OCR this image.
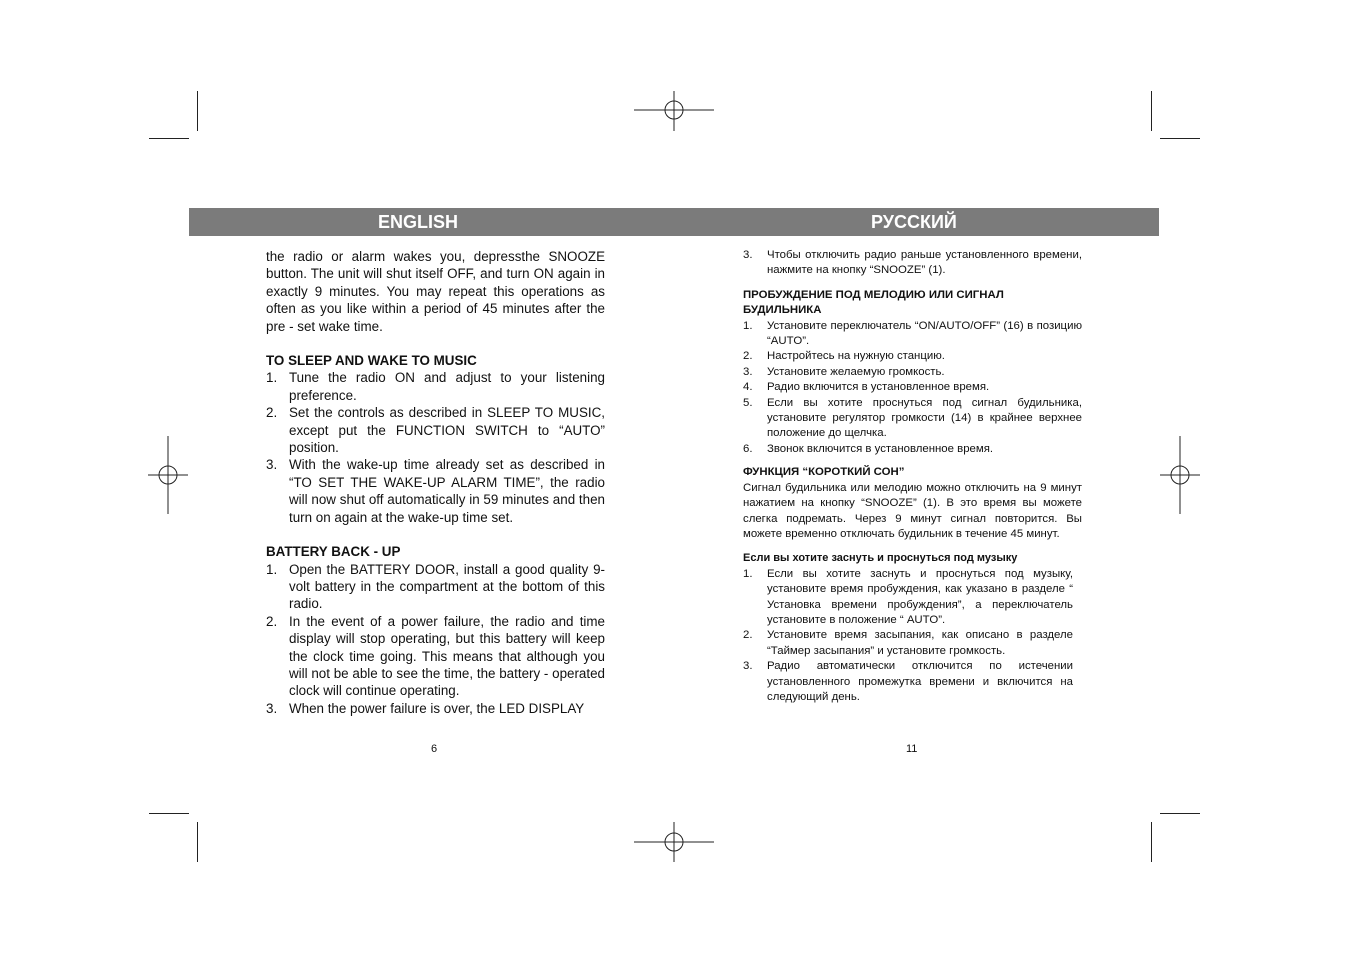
ENGLISH	РУССКИЙ

the radio or alarm wakes you, depressthe SNOOZE button. The unit will shut itself OFF, and turn ON again in exactly 9 minutes. You may repeat this operations as often as you like within a period of 45 minutes after the pre - set wake time.

TO SLEEP AND WAKE TO MUSIC

1. Tune the radio ON and adjust to your listening preference.
2. Set the controls as described in SLEEP TO MUSIC, except put the FUNCTION SWITCH to “AUTO” position.
3. With the wake-up time already set as described in “TO SET THE WAKE-UP ALARM TIME”, the radio will now shut off automatically in 59 minutes and then turn on again at the wake-up time set.

BATTERY BACK - UP

1. Open the BATTERY DOOR, install a good quality 9-volt battery in the compartment at the bottom of this radio.
2. In the event of a power failure, the radio and time display will stop operating, but this battery will keep the clock time going. This means that although you will not be able to see the time, the battery - operated clock will continue operating.
3. When the power failure is over, the LED DISPLAY
3. Чтобы отключить радио раньше установленного времени, нажмите на кнопку “SNOOZE” (1).

ПРОБУЖДЕНИЕ ПОД МЕЛОДИЮ ИЛИ СИГНАЛ БУДИЛЬНИКА

1. Установите переключатель “ON/AUTO/OFF” (16) в позицию “AUTO”.
2. Настройтесь на нужную станцию.
3. Установите желаемую громкость.
4. Радио включится в установленное время.
5. Если вы хотите проснуться под сигнал будильника, установите регулятор громкости (14) в крайнее верхнее положение до щелчка.
6. Звонок включится в установленное время.

ФУНКЦИЯ “КОРОТКИЙ СОН”

Сигнал будильника или мелодию можно отключить на 9 минут нажатием на кнопку “SNOOZE” (1). В это время вы можете слегка подремать. Через 9 минут сигнал повторится. Вы можете временно отключать будильник в течение 45 минут.

Если вы хотите заснуть и проснуться под музыку

1. Если вы хотите заснуть и проснуться под музыку, установите время пробуждения, как указано в разделе “ Установка времени пробуждения”, а переключатель установите в положение “ AUTO”.
2. Установите время засыпания, как описано в разделе “Таймер засыпания” и установите громкость.
3. Радио автоматически отключится по истечении установленного промежутка времени и включится на следующий день.
6	11
